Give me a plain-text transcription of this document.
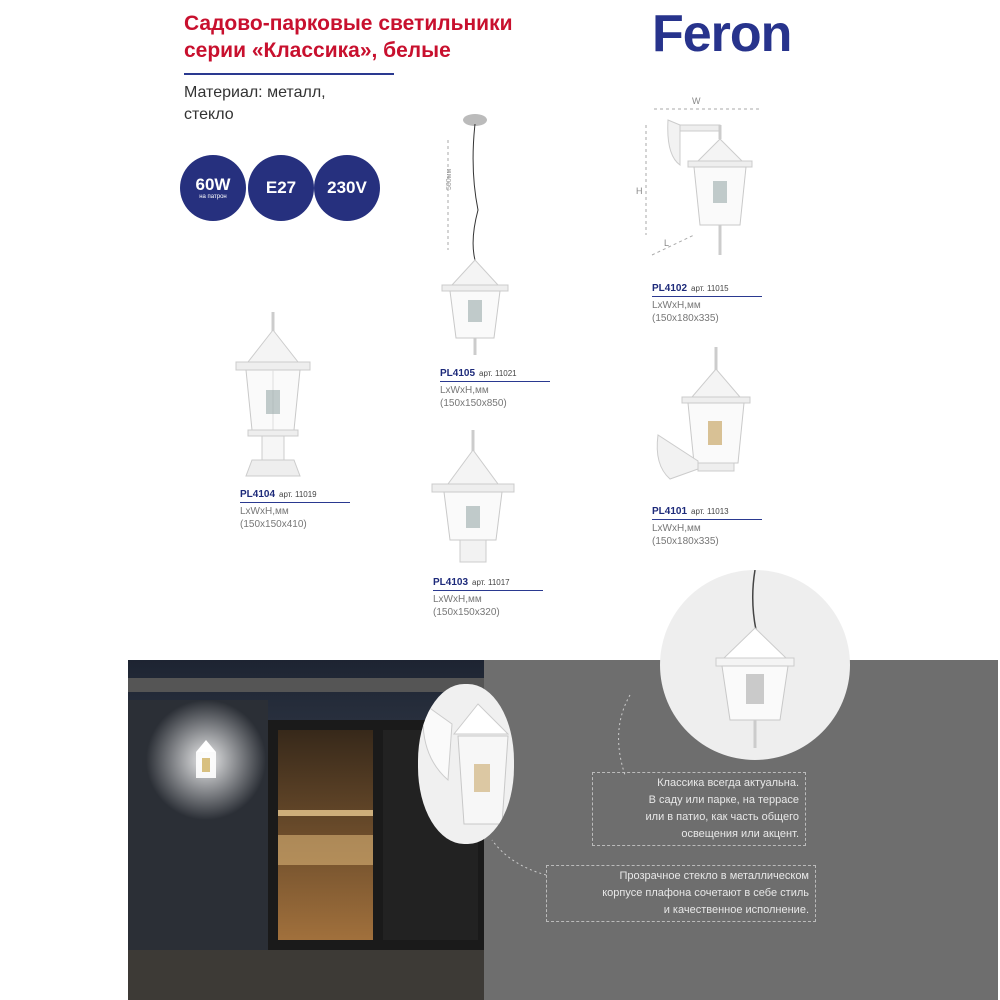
Садово-парковые светильники
серии «Классика», белые
Материал: металл,
стекло
Feron
60W
на патрон E27 230V	500мм
W
H
L
PL4104 арт. 11019
LxWxH,мм
(150x150x410)
PL4105 арт. 11021
LxWxH,мм
(150x150x850)
PL4103 арт. 11017
LxWxH,мм
(150x150x320)
PL4102 арт. 11015
LxWxH,мм
(150x180x335)
PL4101 арт. 11013
LxWxH,мм
(150x180x335)
Классика всегда актуальна.
В саду или парке, на террасе
или в патио, как часть общего
освещения или акцент.
Прозрачное стекло в металлическом
корпусе плафона сочетают в себе стиль
и качественное исполнение.
